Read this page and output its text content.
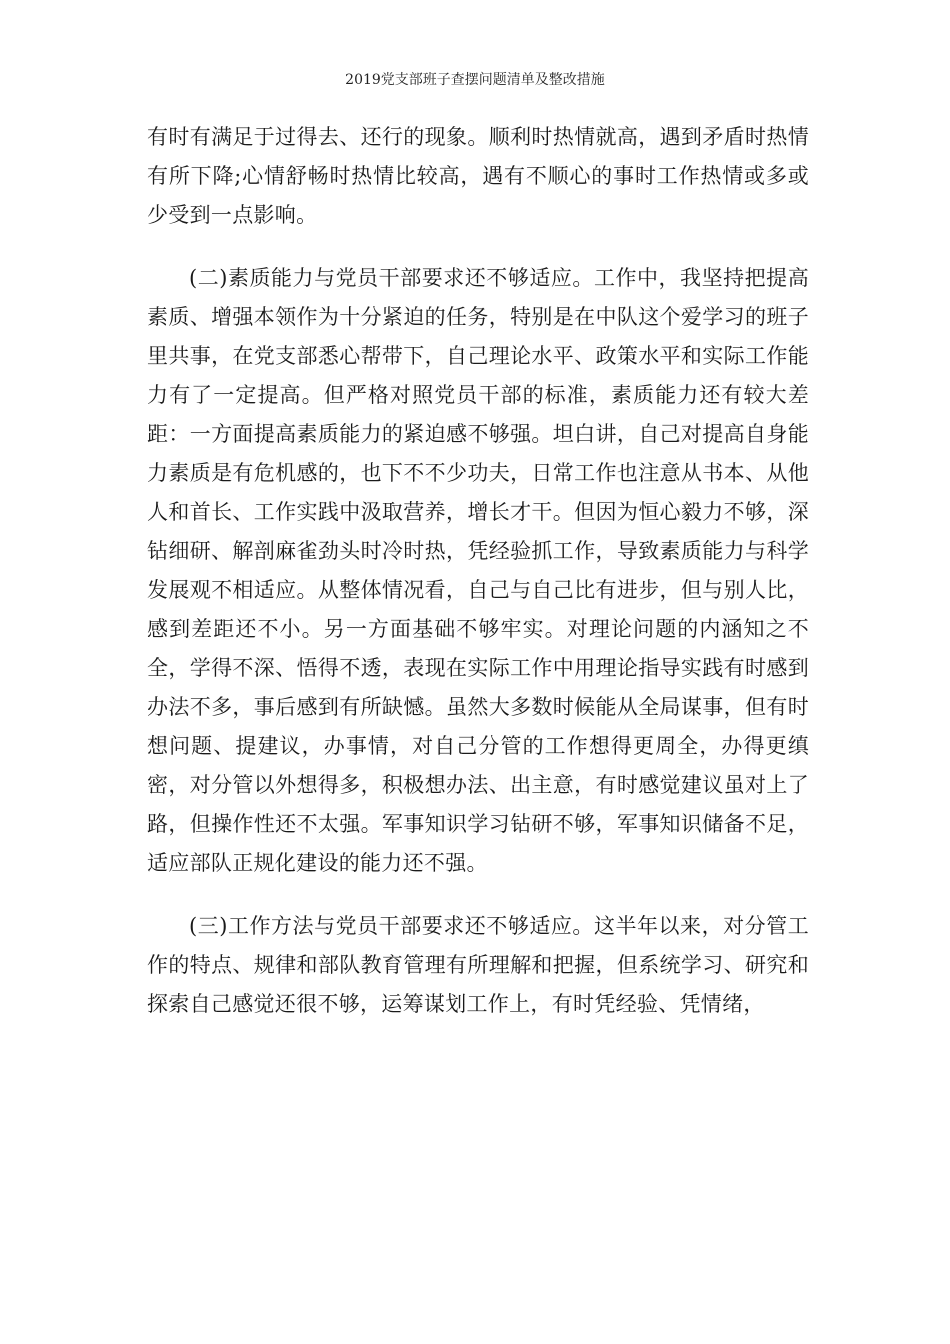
2019党支部班子查摆问题清单及整改措施

有时有满足于过得去、还行的现象。顺利时热情就高，遇到矛盾时热情有所下降;心情舒畅时热情比较高，遇有不顺心的事时工作热情或多或少受到一点影响。

(二)素质能力与党员干部要求还不够适应。工作中，我坚持把提高素质、增强本领作为十分紧迫的任务，特别是在中队这个爱学习的班子里共事，在党支部悉心帮带下，自己理论水平、政策水平和实际工作能力有了一定提高。但严格对照党员干部的标准，素质能力还有较大差距：一方面提高素质能力的紧迫感不够强。坦白讲，自己对提高自身能力素质是有危机感的，也下不不少功夫，日常工作也注意从书本、从他人和首长、工作实践中汲取营养，增长才干。但因为恒心毅力不够，深钻细研、解剖麻雀劲头时冷时热，凭经验抓工作，导致素质能力与科学发展观不相适应。从整体情况看，自己与自己比有进步，但与别人比，感到差距还不小。另一方面基础不够牢实。对理论问题的内涵知之不全，学得不深、悟得不透，表现在实际工作中用理论指导实践有时感到办法不多，事后感到有所缺憾。虽然大多数时候能从全局谋事，但有时想问题、提建议，办事情，对自己分管的工作想得更周全，办得更缜密，对分管以外想得多，积极想办法、出主意，有时感觉建议虽对上了路，但操作性还不太强。军事知识学习钻研不够，军事知识储备不足，适应部队正规化建设的能力还不强。

(三)工作方法与党员干部要求还不够适应。这半年以来，对分管工作的特点、规律和部队教育管理有所理解和把握，但系统学习、研究和探索自己感觉还很不够，运筹谋划工作上，有时凭经验、凭情绪，
